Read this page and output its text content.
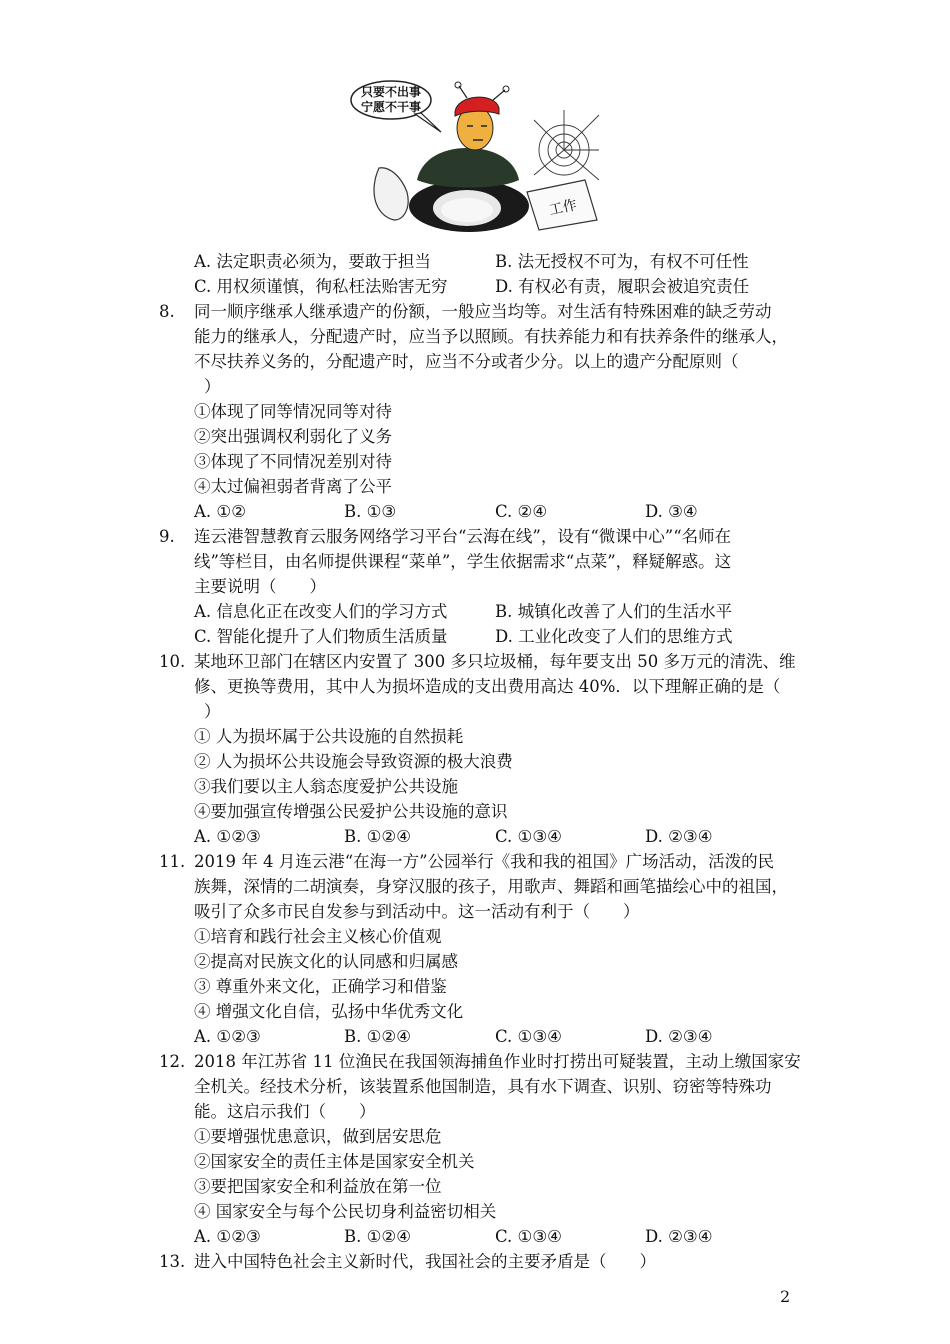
只要不出事
宁愿不干事
工作
A. 法定职责必须为，要敢于担当	B. 法无授权不可为，有权不可任性
C. 用权须谨慎，徇私枉法贻害无穷	D. 有权必有责，履职会被追究责任
8. 同一顺序继承人继承遗产的份额，一般应当均等。对生活有特殊困难的缺乏劳动
能力的继承人，分配遗产时，应当予以照顾。有扶养能力和有扶养条件的继承人，
不尽扶养义务的，分配遗产时，应当不分或者少分。以上的遗产分配原则（
）
①体现了同等情况同等对待
②突出强调权利弱化了义务
③体现了不同情况差别对待
④太过偏袒弱者背离了公平
A. ①②	B. ①③	C. ②④	D. ③④
9. 连云港智慧教育云服务网络学习平台“云海在线”，设有“微课中心”“名师在
线”等栏目，由名师提供课程“菜单”，学生依据需求“点菜”，释疑解惑。这
主要说明（　　）
A. 信息化正在改变人们的学习方式	B. 城镇化改善了人们的生活水平
C. 智能化提升了人们物质生活质量	D. 工业化改变了人们的思维方式
10. 某地环卫部门在辖区内安置了 300 多只垃圾桶，每年要支出 50 多万元的清洗、维
修、更换等费用，其中人为损坏造成的支出费用高达 40%．以下理解正确的是（
）
① 人为损坏属于公共设施的自然损耗
② 人为损坏公共设施会导致资源的极大浪费
③我们要以主人翁态度爱护公共设施
④要加强宣传增强公民爱护公共设施的意识
A. ①②③	B. ①②④	C. ①③④	D. ②③④
11. 2019 年 4 月连云港“在海一方”公园举行《我和我的祖国》广场活动，活泼的民
族舞，深情的二胡演奏，身穿汉服的孩子，用歌声、舞蹈和画笔描绘心中的祖国，
吸引了众多市民自发参与到活动中。这一活动有利于（　　）
①培育和践行社会主义核心价值观
②提高对民族文化的认同感和归属感
③ 尊重外来文化，正确学习和借鉴
④ 增强文化自信，弘扬中华优秀文化
A. ①②③	B. ①②④	C. ①③④	D. ②③④
12. 2018 年江苏省 11 位渔民在我国领海捕鱼作业时打捞出可疑装置，主动上缴国家安
全机关。经技术分析，该装置系他国制造，具有水下调查、识别、窃密等特殊功
能。这启示我们（　　）
①要增强忧患意识，做到居安思危
②国家安全的责任主体是国家安全机关
③要把国家安全和利益放在第一位
④ 国家安全与每个公民切身利益密切相关
A. ①②③	B. ①②④	C. ①③④	D. ②③④
13. 进入中国特色社会主义新时代，我国社会的主要矛盾是（　　）
2
